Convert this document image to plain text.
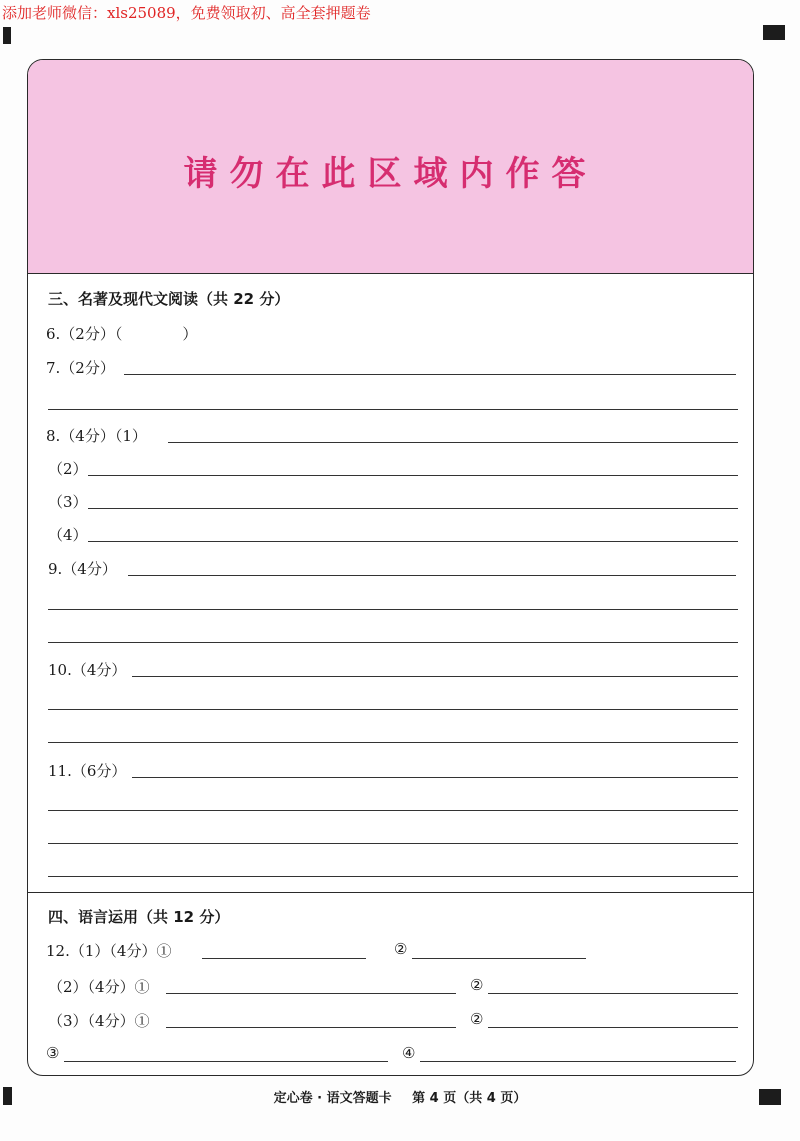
添加老师微信：xls25089，免费领取初、高全套押题卷
请勿在此区域内作答
三、名著及现代文阅读（共 22 分）
6.（2分）（　　　　）
7.（2分）
8.（4分）（1）
（2）
（3）
（4）
9.（4分）
10.（4分）
11.（6分）
四、语言运用（共 12 分）
12.（1）（4分）①	②
（2）（4分）①	②
（3）（4分）①	②
③	④
定心卷 · 语文答题卡 第 4 页（共 4 页）
